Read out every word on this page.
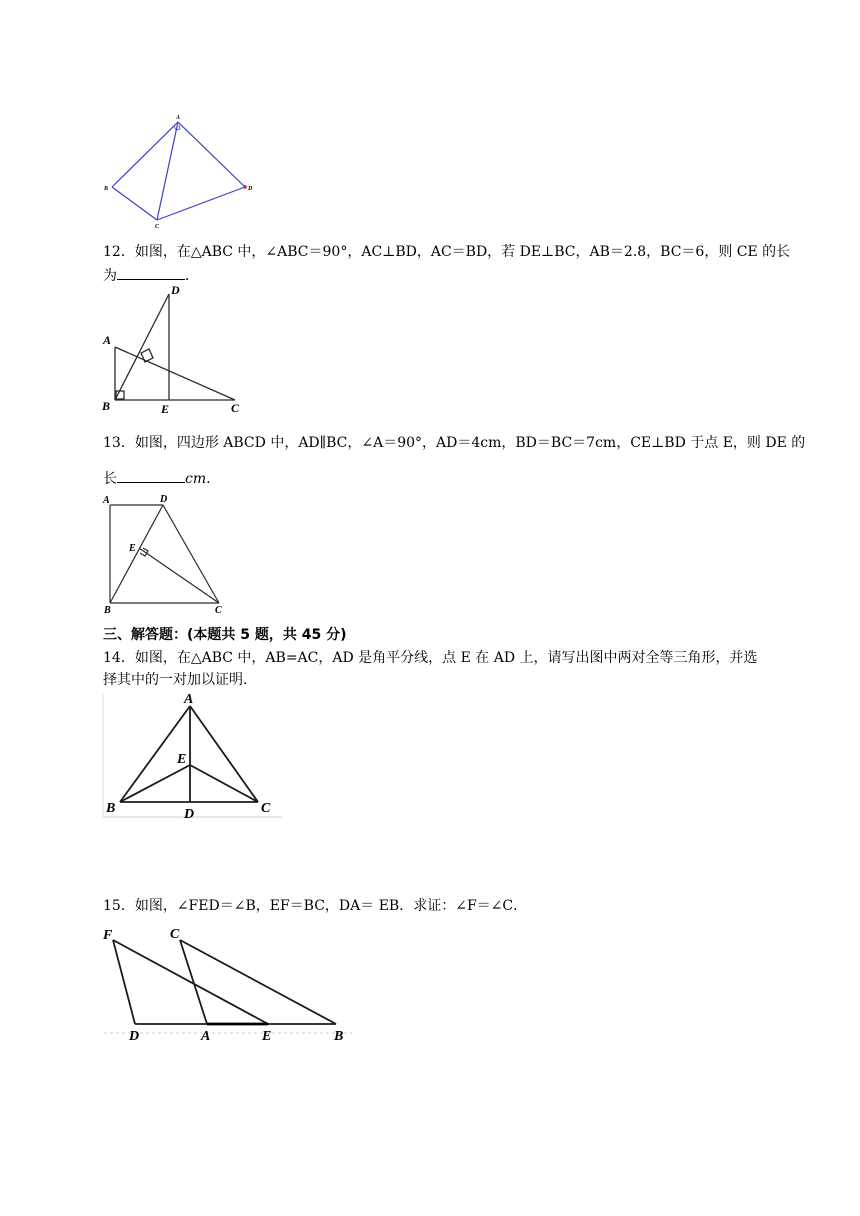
A
B
C
D
12．如图，在△ABC 中，∠ABC＝90°，AC⊥BD，AC＝BD，若 DE⊥BC，AB＝2.8，BC＝6，则 CE 的长
为	．
A
B	C
D
E
13．如图，四边形 ABCD 中，AD∥BC，∠A＝90°，AD＝4cm，BD＝BC＝7cm，CE⊥BD 于点 E，则 DE 的
长	cm.
A
B	C
D
E
三、解答题：(本题共 5 题，共 45 分)
14．如图，在△ABC 中，AB=AC，AD 是角平分线，点 E 在 AD 上，请写出图中两对全等三角形，并选
择其中的一对加以证明.
A
B	C
D
E
15．如图，∠FED＝∠B，EF＝BC，DA＝ EB．求证：∠F＝∠C．
F	C
D	A	E	B
